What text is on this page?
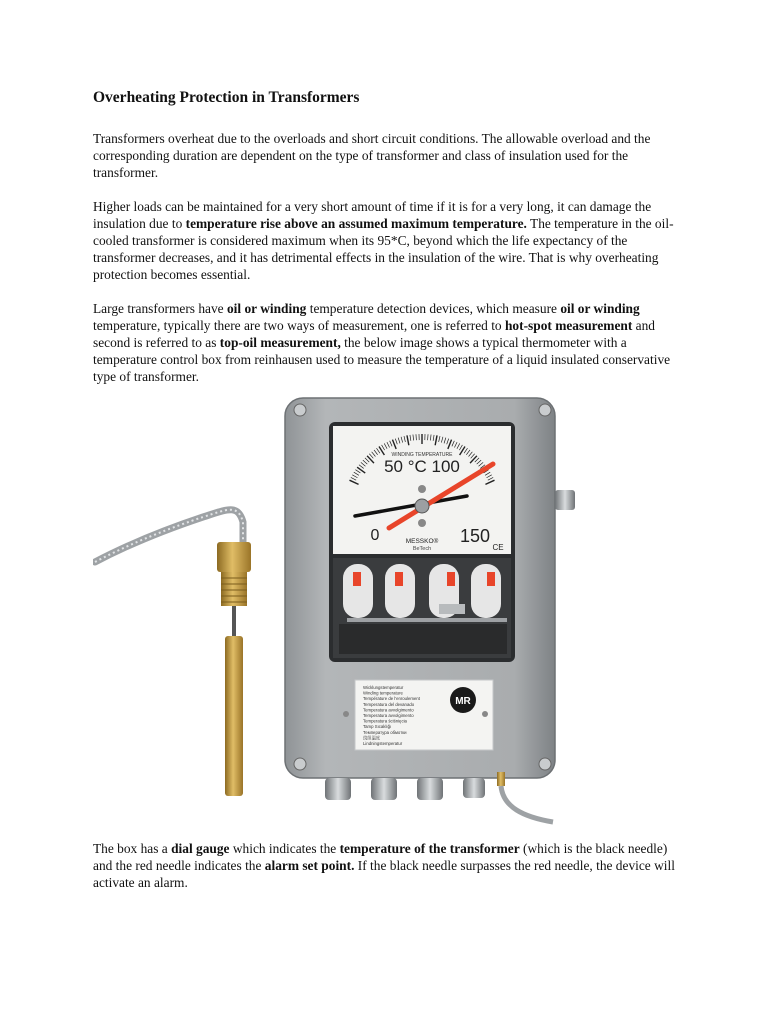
Overheating Protection in Transformers

Transformers overheat due to the overloads and short circuit conditions. The allowable overload and the corresponding duration are dependent on the type of transformer and class of insulation used for the transformer.

Higher loads can be maintained for a very short amount of time if it is for a very long, it can damage the insulation due to temperature rise above an assumed maximum temperature. The temperature in the oil-cooled transformer is considered maximum when its 95*C, beyond which the life expectancy of the transformer decreases, and it has detrimental effects in the insulation of the wire. That is why overheating protection becomes essential.

Large transformers have oil or winding temperature detection devices, which measure oil or winding temperature, typically there are two ways of measurement, one is referred to hot-spot measurement and second is referred to as top-oil measurement, the below image shows a typical thermometer with a temperature control box from reinhausen used to measure the temperature of a liquid insulated conservative type of transformer.

WINDING TEMPERATURE
50 °C 100
0	150
MESSKO®
BeTech	CE
Wicklungstemperatur
Winding temperature
Température de l'enroulement
Temperatura del devanado
Temperatura avvolgimento
Temperatura avvolgimento
Temperatura ściśnięcia
Tamp Sıcaklığı
Температура обмотки
绕组温度
Lindningstemperatur
MR

The box has a dial gauge which indicates the temperature of the transformer (which is the black needle) and the red needle indicates the alarm set point. If the black needle surpasses the red needle, the device will activate an alarm.
